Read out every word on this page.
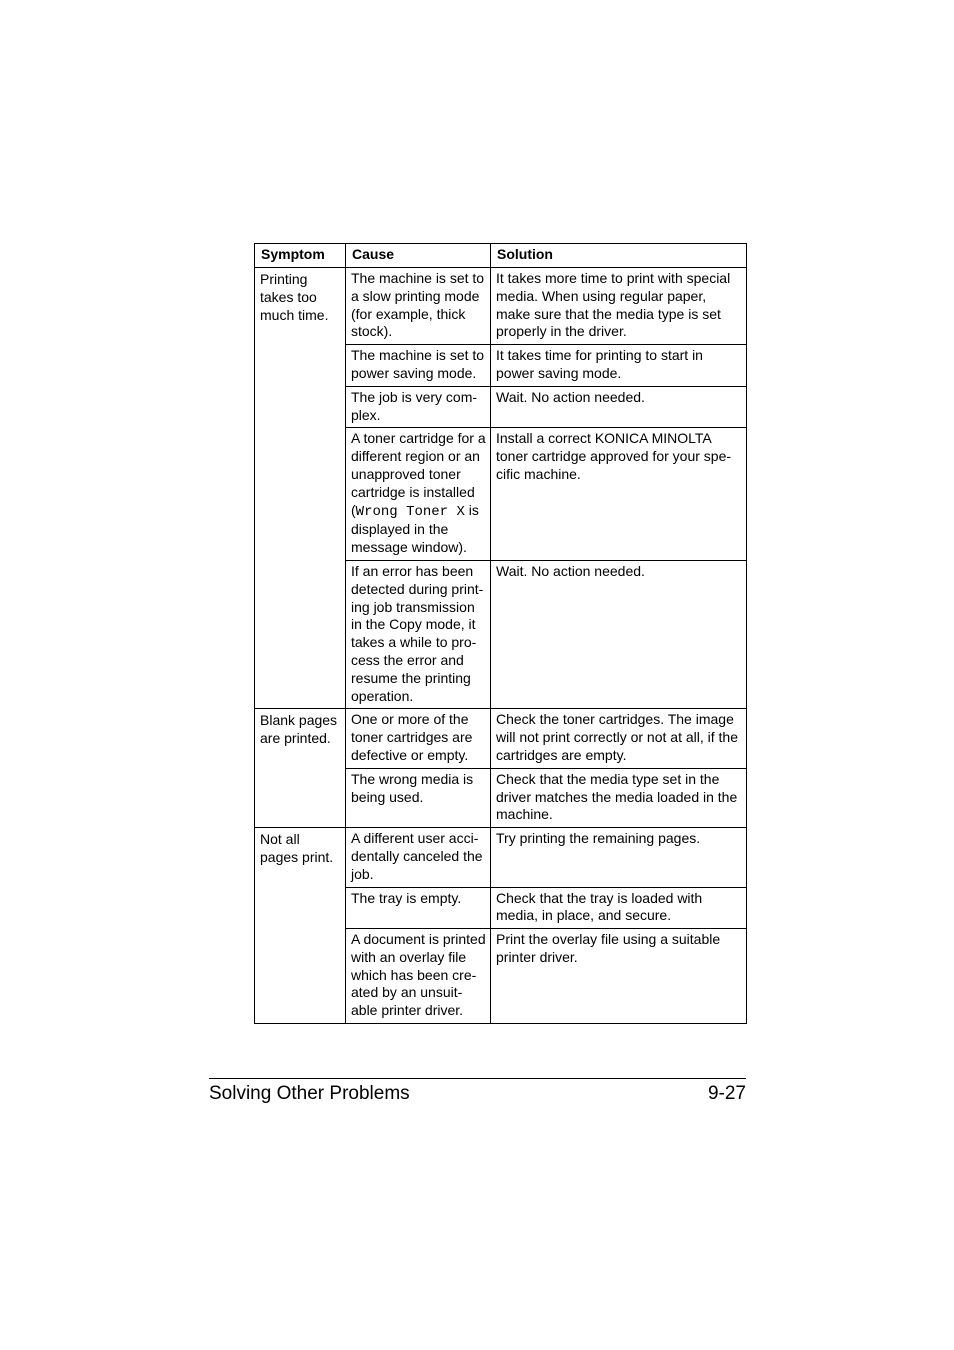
Symptom	Cause	Solution
Printing takes too much time.	The machine is set to a slow printing mode (for example, thick stock).	It takes more time to print with special media. When using regular paper, make sure that the media type is set properly in the driver.
	The machine is set to power saving mode.	It takes time for printing to start in power saving mode.
	The job is very com-plex.	Wait. No action needed.
	A toner cartridge for a different region or an unapproved toner cartridge is installed (Wrong Toner X is displayed in the message window).	Install a correct KONICA MINOLTA toner cartridge approved for your spe-cific machine.
	If an error has been detected during print-ing job transmission in the Copy mode, it takes a while to pro-cess the error and resume the printing operation.	Wait. No action needed.
Blank pages are printed.	One or more of the toner cartridges are defective or empty.	Check the toner cartridges. The image will not print correctly or not at all, if the cartridges are empty.
	The wrong media is being used.	Check that the media type set in the driver matches the media loaded in the machine.
Not all pages print.	A different user acci-dentally canceled the job.	Try printing the remaining pages.
	The tray is empty.	Check that the tray is loaded with media, in place, and secure.
	A document is printed with an overlay file which has been cre-ated by an unsuit-able printer driver.	Print the overlay file using a suitable printer driver.
Solving Other Problems	9-27
